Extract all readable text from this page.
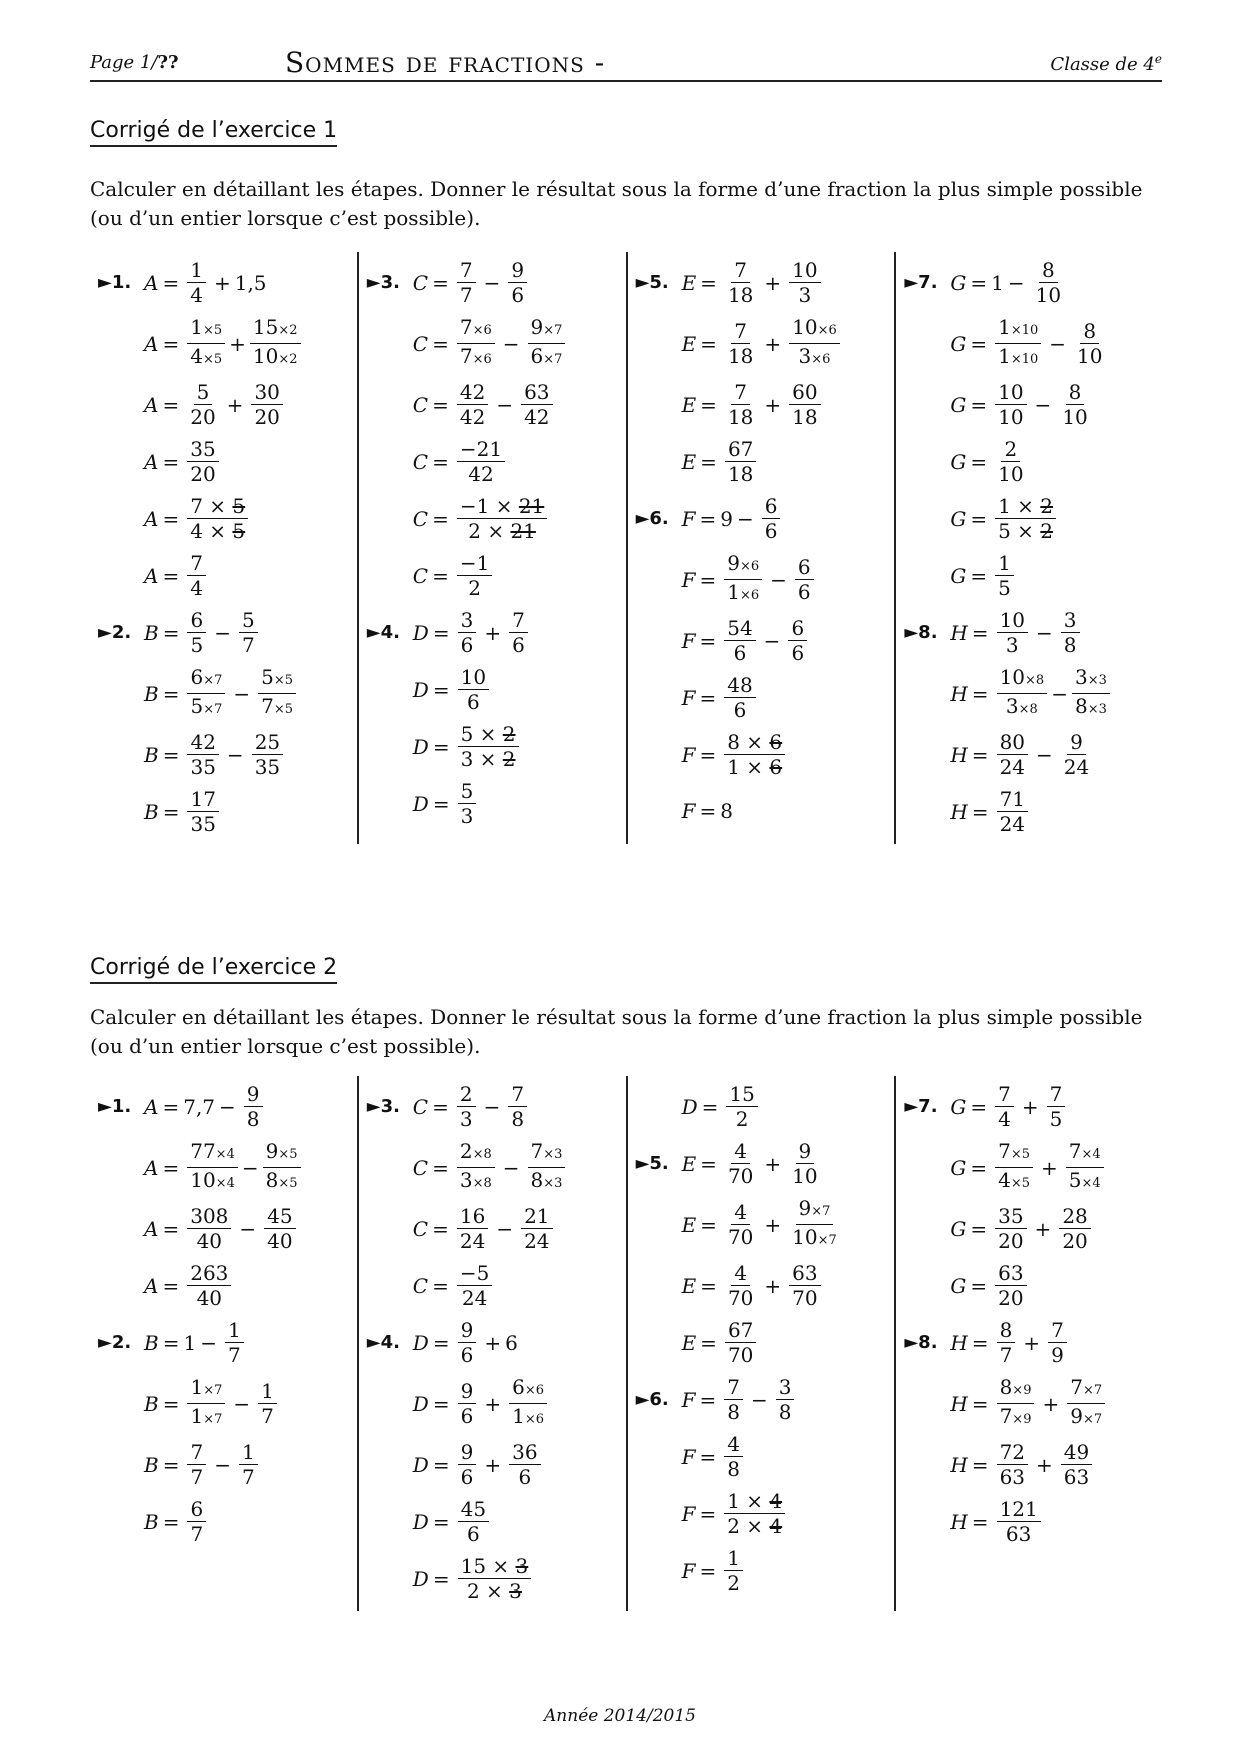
Page 1/??	Sommes de fractions -	Classe de 4e
Corrigé de l’exercice 1
Calculer en détaillant les étapes. Donner le résultat sous la forme d’une fraction la plus simple possible (ou d’un entier lorsque c’est possible).
►1. $A = \frac{1}{4} + 1,5$
$A = \frac{1\times 5}{4\times 5} + \frac{15\times 2}{10\times 2}$
$A = \frac{5}{20} + \frac{30}{20}$
$A = \frac{35}{20}$
$A = \frac{7 \times 5}{4 \times 5}$
$A = \frac{7}{4}$
►2. $B = \frac{6}{5} - \frac{5}{7}$
$B = \frac{6\times 7}{5\times 7} - \frac{5\times 5}{7\times 5}$
$B = \frac{42}{35} - \frac{25}{35}$
$B = \frac{17}{35}$
►3. $C = \frac{7}{7} - \frac{9}{6}$
$C = \frac{7\times 6}{7\times 6} - \frac{9\times 7}{6\times 7}$
$C = \frac{42}{42} - \frac{63}{42}$
$C = \frac{-21}{42}$
$C = \frac{-1 \times 21}{2 \times 21}$
$C = \frac{-1}{2}$
►4. $D = \frac{3}{6} + \frac{7}{6}$
$D = \frac{10}{6}$
$D = \frac{5 \times 2}{3 \times 2}$
$D = \frac{5}{3}$
►5. $E = \frac{7}{18} + \frac{10}{3}$
$E = \frac{7}{18} + \frac{10\times 6}{3\times 6}$
$E = \frac{7}{18} + \frac{60}{18}$
$E = \frac{67}{18}$
►6. $F = 9 - \frac{6}{6}$
$F = \frac{9\times 6}{1\times 6} - \frac{6}{6}$
$F = \frac{54}{6} - \frac{6}{6}$
$F = \frac{48}{6}$
$F = \frac{8 \times 6}{1 \times 6}$
F = 8
►7. $G = 1 - \frac{8}{10}$
$G = \frac{1\times 10}{1\times 10} - \frac{8}{10}$
$G = \frac{10}{10} - \frac{8}{10}$
$G = \frac{2}{10}$
$G = \frac{1 \times 2}{5 \times 2}$
$G = \frac{1}{5}$
►8. $H = \frac{10}{3} - \frac{3}{8}$
$H = \frac{10\times 8}{3\times 8} - \frac{3\times 3}{8\times 3}$
$H = \frac{80}{24} - \frac{9}{24}$
$H = \frac{71}{24}$
Corrigé de l’exercice 2
Calculer en détaillant les étapes. Donner le résultat sous la forme d’une fraction la plus simple possible (ou d’un entier lorsque c’est possible).
►1. $A = 7,7 - \frac{9}{8}$
$A = \frac{77\times 4}{10\times 4} - \frac{9\times 5}{8\times 5}$
$A = \frac{308}{40} - \frac{45}{40}$
$A = \frac{263}{40}$
►2. $B = 1 - \frac{1}{7}$
$B = \frac{1\times 7}{1\times 7} - \frac{1}{7}$
$B = \frac{7}{7} - \frac{1}{7}$
$B = \frac{6}{7}$
►3. $C = \frac{2}{3} - \frac{7}{8}$
$C = \frac{2\times 8}{3\times 8} - \frac{7\times 3}{8\times 3}$
$C = \frac{16}{24} - \frac{21}{24}$
$C = \frac{-5}{24}$
►4. $D = \frac{9}{6} + 6$
$D = \frac{9}{6} + \frac{6\times 6}{1\times 6}$
$D = \frac{9}{6} + \frac{36}{6}$
$D = \frac{45}{6}$
$D = \frac{15 \times 3}{2 \times 3}$
$D = \frac{15}{2}$
►5. $E = \frac{4}{70} + \frac{9}{10}$
$E = \frac{4}{70} + \frac{9\times 7}{10\times 7}$
$E = \frac{4}{70} + \frac{63}{70}$
$E = \frac{67}{70}$
►6. $F = \frac{7}{8} - \frac{3}{8}$
$F = \frac{4}{8}$
$F = \frac{1 \times 4}{2 \times 4}$
$F = \frac{1}{2}$
►7. $G = \frac{7}{4} + \frac{7}{5}$
$G = \frac{7\times 5}{4\times 5} + \frac{7\times 4}{5\times 4}$
$G = \frac{35}{20} + \frac{28}{20}$
$G = \frac{63}{20}$
►8. $H = \frac{8}{7} + \frac{7}{9}$
$H = \frac{8\times 9}{7\times 9} + \frac{7\times 7}{9\times 7}$
$H = \frac{72}{63} + \frac{49}{63}$
$H = \frac{121}{63}$
Année 2014/2015
